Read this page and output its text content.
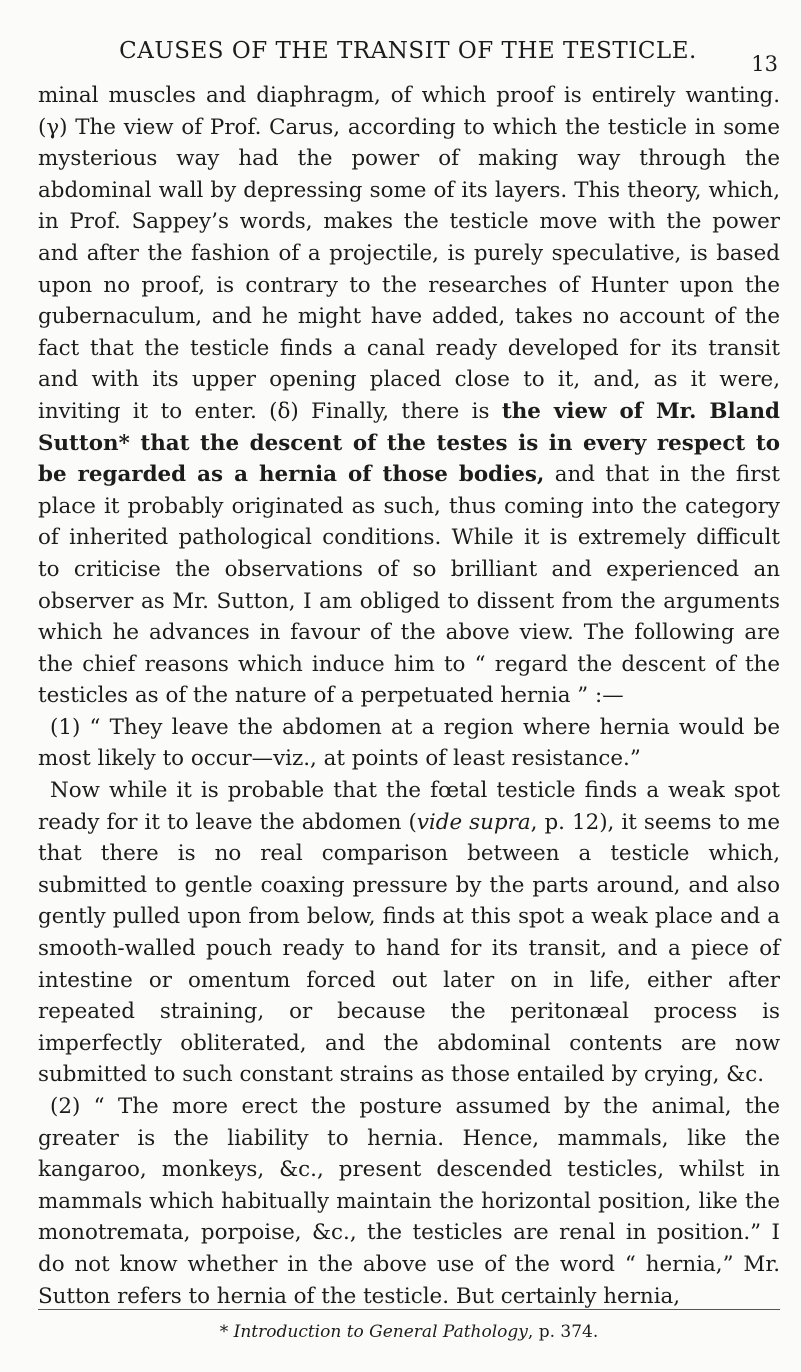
CAUSES OF THE TRANSIT OF THE TESTICLE.	13

minal muscles and diaphragm, of which proof is entirely wanting. (γ) The view of Prof. Carus, according to which the testicle in some mysterious way had the power of making way through the abdominal wall by depressing some of its layers. This theory, which, in Prof. Sappey’s words, makes the testicle move with the power and after the fashion of a projectile, is purely speculative, is based upon no proof, is contrary to the researches of Hunter upon the gubernaculum, and he might have added, takes no account of the fact that the testicle finds a canal ready developed for its transit and with its upper opening placed close to it, and, as it were, inviting it to enter. (δ) Finally, there is the view of Mr. Bland Sutton* that the descent of the testes is in every respect to be regarded as a hernia of those bodies, and that in the first place it probably originated as such, thus coming into the category of inherited pathological conditions. While it is extremely difficult to criticise the observations of so brilliant and experienced an observer as Mr. Sutton, I am obliged to dissent from the arguments which he advances in favour of the above view. The following are the chief reasons which induce him to “ regard the descent of the testicles as of the nature of a perpetuated hernia ” :—

(1) “ They leave the abdomen at a region where hernia would be most likely to occur—viz., at points of least resistance.”

Now while it is probable that the fœtal testicle finds a weak spot ready for it to leave the abdomen (vide supra, p. 12), it seems to me that there is no real comparison between a testicle which, submitted to gentle coaxing pressure by the parts around, and also gently pulled upon from below, finds at this spot a weak place and a smooth-walled pouch ready to hand for its transit, and a piece of intestine or omentum forced out later on in life, either after repeated straining, or because the peritonæal process is imperfectly obliterated, and the abdominal contents are now submitted to such constant strains as those entailed by crying, &c.

(2) “ The more erect the posture assumed by the animal, the greater is the liability to hernia. Hence, mammals, like the kangaroo, monkeys, &c., present descended testicles, whilst in mammals which habitually maintain the horizontal position, like the monotremata, porpoise, &c., the testicles are renal in position.” I do not know whether in the above use of the word “ hernia,” Mr. Sutton refers to hernia of the testicle. But certainly hernia,

* Introduction to General Pathology, p. 374.
